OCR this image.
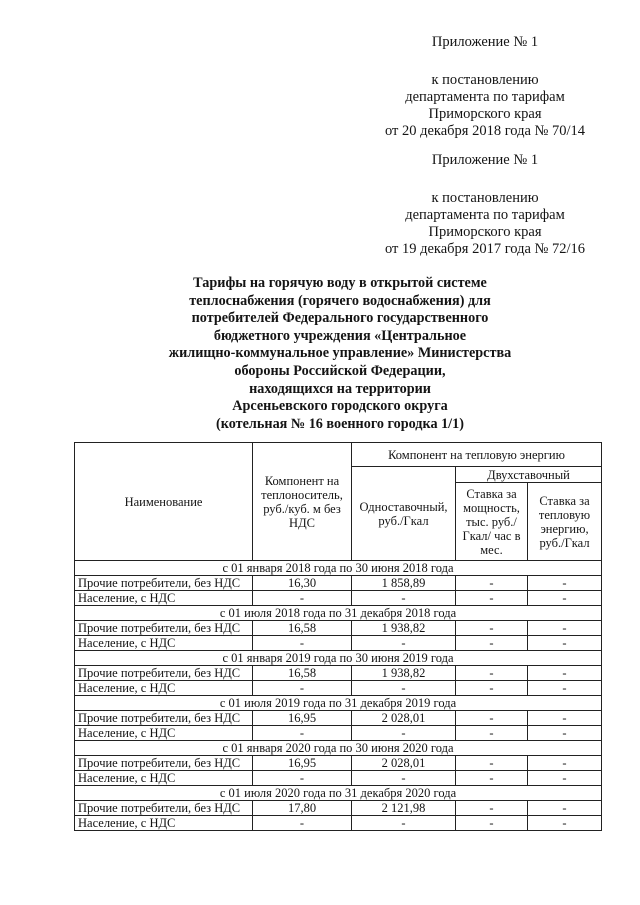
Приложение № 1
к постановлению
департамента по тарифам
Приморского края
от 20 декабря 2018 года № 70/14
Приложение № 1
к постановлению
департамента по тарифам
Приморского края
от 19 декабря 2017 года № 72/16
Тарифы на горячую воду в открытой системе
теплоснабжения (горячего водоснабжения) для
потребителей Федерального государственного
бюджетного учреждения «Центральное
жилищно-коммунальное управление» Министерства
обороны Российской Федерации,
находящихся на территории
Арсеньевского городского округа
(котельная № 16 военного городка 1/1)
Наименование	Компонент на теплоноситель, руб./куб. м без НДС	Компонент на тепловую энергию		
		Одноставочный, руб./Гкал	Двухставочный	
			Ставка за мощность, тыс. руб./Гкал/ час в мес.	Ставка за тепловую энергию, руб./Гкал
с 01 января 2018 года по 30 июня 2018 года				
Прочие потребители, без НДС	16,30	1 858,89	-	-
Население, с НДС	-	-	-	-
с 01 июля 2018 года по 31 декабря 2018 года				
Прочие потребители, без НДС	16,58	1 938,82	-	-
Население, с НДС	-	-	-	-
с 01 января 2019 года по 30 июня 2019 года				
Прочие потребители, без НДС	16,58	1 938,82	-	-
Население, с НДС	-	-	-	-
с 01 июля 2019 года по 31 декабря 2019 года				
Прочие потребители, без НДС	16,95	2 028,01	-	-
Население, с НДС	-	-	-	-
с 01 января 2020 года по 30 июня 2020 года				
Прочие потребители, без НДС	16,95	2 028,01	-	-
Население, с НДС	-	-	-	-
с 01 июля 2020 года по 31 декабря 2020 года				
Прочие потребители, без НДС	17,80	2 121,98	-	-
Население, с НДС	-	-	-	-
